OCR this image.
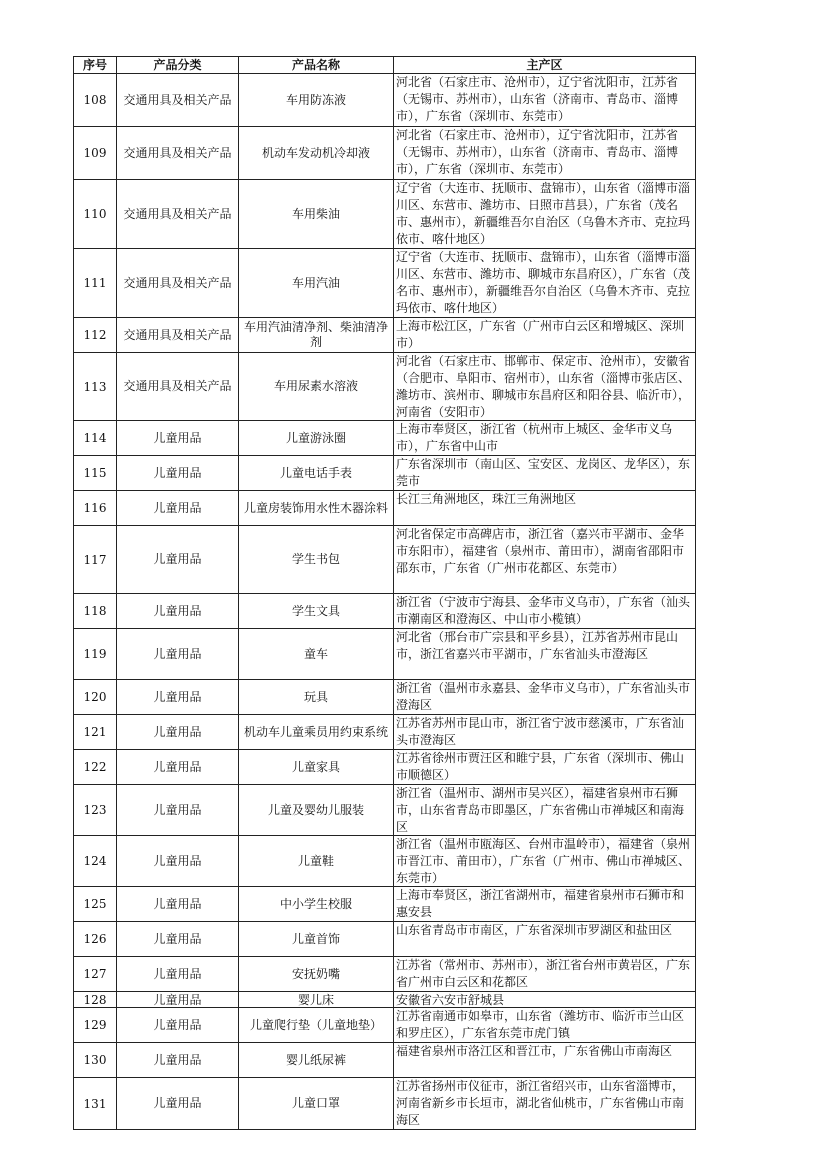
序号	产品分类	产品名称	主产区
108	交通用具及相关产品	车用防冻液	河北省（石家庄市、沧州市），辽宁省沈阳市，江苏省（无锡市、苏州市），山东省（济南市、青岛市、淄博市），广东省（深圳市、东莞市）

109	交通用具及相关产品	机动车发动机冷却液	河北省（石家庄市、沧州市），辽宁省沈阳市，江苏省（无锡市、苏州市），山东省（济南市、青岛市、淄博市），广东省（深圳市、东莞市）

110	交通用具及相关产品	车用柴油	辽宁省（大连市、抚顺市、盘锦市），山东省（淄博市淄川区、东营市、潍坊市、日照市莒县），广东省（茂名市、惠州市），新疆维吾尔自治区（乌鲁木齐市、克拉玛依市、喀什地区）

111	交通用具及相关产品	车用汽油	辽宁省（大连市、抚顺市、盘锦市），山东省（淄博市淄川区、东营市、潍坊市、聊城市东昌府区），广东省（茂名市、惠州市），新疆维吾尔自治区（乌鲁木齐市、克拉玛依市、喀什地区）

112	交通用具及相关产品	车用汽油清净剂、柴油清净剂	上海市松江区，广东省（广州市白云区和增城区、深圳市）

113	交通用具及相关产品	车用尿素水溶液	河北省（石家庄市、邯郸市、保定市、沧州市），安徽省（合肥市、阜阳市、宿州市），山东省（淄博市张店区、潍坊市、滨州市、聊城市东昌府区和阳谷县、临沂市），河南省（安阳市）

114	儿童用品	儿童游泳圈	上海市奉贤区，浙江省（杭州市上城区、金华市义乌市），广东省中山市

115	儿童用品	儿童电话手表	广东省深圳市（南山区、宝安区、龙岗区、龙华区），东莞市

116	儿童用品	儿童房装饰用水性木器涂料	长江三角洲地区，珠江三角洲地区

117	儿童用品	学生书包	河北省保定市高碑店市，浙江省（嘉兴市平湖市、金华市东阳市），福建省（泉州市、莆田市），湖南省邵阳市邵东市，广东省（广州市花都区、东莞市）

118	儿童用品	学生文具	浙江省（宁波市宁海县、金华市义乌市），广东省（汕头市潮南区和澄海区、中山市小榄镇）

119	儿童用品	童车	河北省（邢台市广宗县和平乡县），江苏省苏州市昆山市，浙江省嘉兴市平湖市，广东省汕头市澄海区

120	儿童用品	玩具	浙江省（温州市永嘉县、金华市义乌市），广东省汕头市澄海区

121	儿童用品	机动车儿童乘员用约束系统	江苏省苏州市昆山市，浙江省宁波市慈溪市，广东省汕头市澄海区

122	儿童用品	儿童家具	江苏省徐州市贾汪区和睢宁县，广东省（深圳市、佛山市顺德区）

123	儿童用品	儿童及婴幼儿服装	浙江省（温州市、湖州市吴兴区），福建省泉州市石狮市，山东省青岛市即墨区，广东省佛山市禅城区和南海区

124	儿童用品	儿童鞋	浙江省（温州市瓯海区、台州市温岭市），福建省（泉州市晋江市、莆田市），广东省（广州市、佛山市禅城区、东莞市）

125	儿童用品	中小学生校服	上海市奉贤区，浙江省湖州市，福建省泉州市石狮市和惠安县

126	儿童用品	儿童首饰	山东省青岛市市南区，广东省深圳市罗湖区和盐田区

127	儿童用品	安抚奶嘴	江苏省（常州市、苏州市），浙江省台州市黄岩区，广东省广州市白云区和花都区

128	儿童用品	婴儿床	安徽省六安市舒城县

129	儿童用品	儿童爬行垫（儿童地垫）	江苏省南通市如皋市，山东省（潍坊市、临沂市兰山区和罗庄区），广东省东莞市虎门镇

130	儿童用品	婴儿纸尿裤	福建省泉州市洛江区和晋江市，广东省佛山市南海区

131	儿童用品	儿童口罩	江苏省扬州市仪征市，浙江省绍兴市，山东省淄博市，河南省新乡市长垣市，湖北省仙桃市，广东省佛山市南海区
